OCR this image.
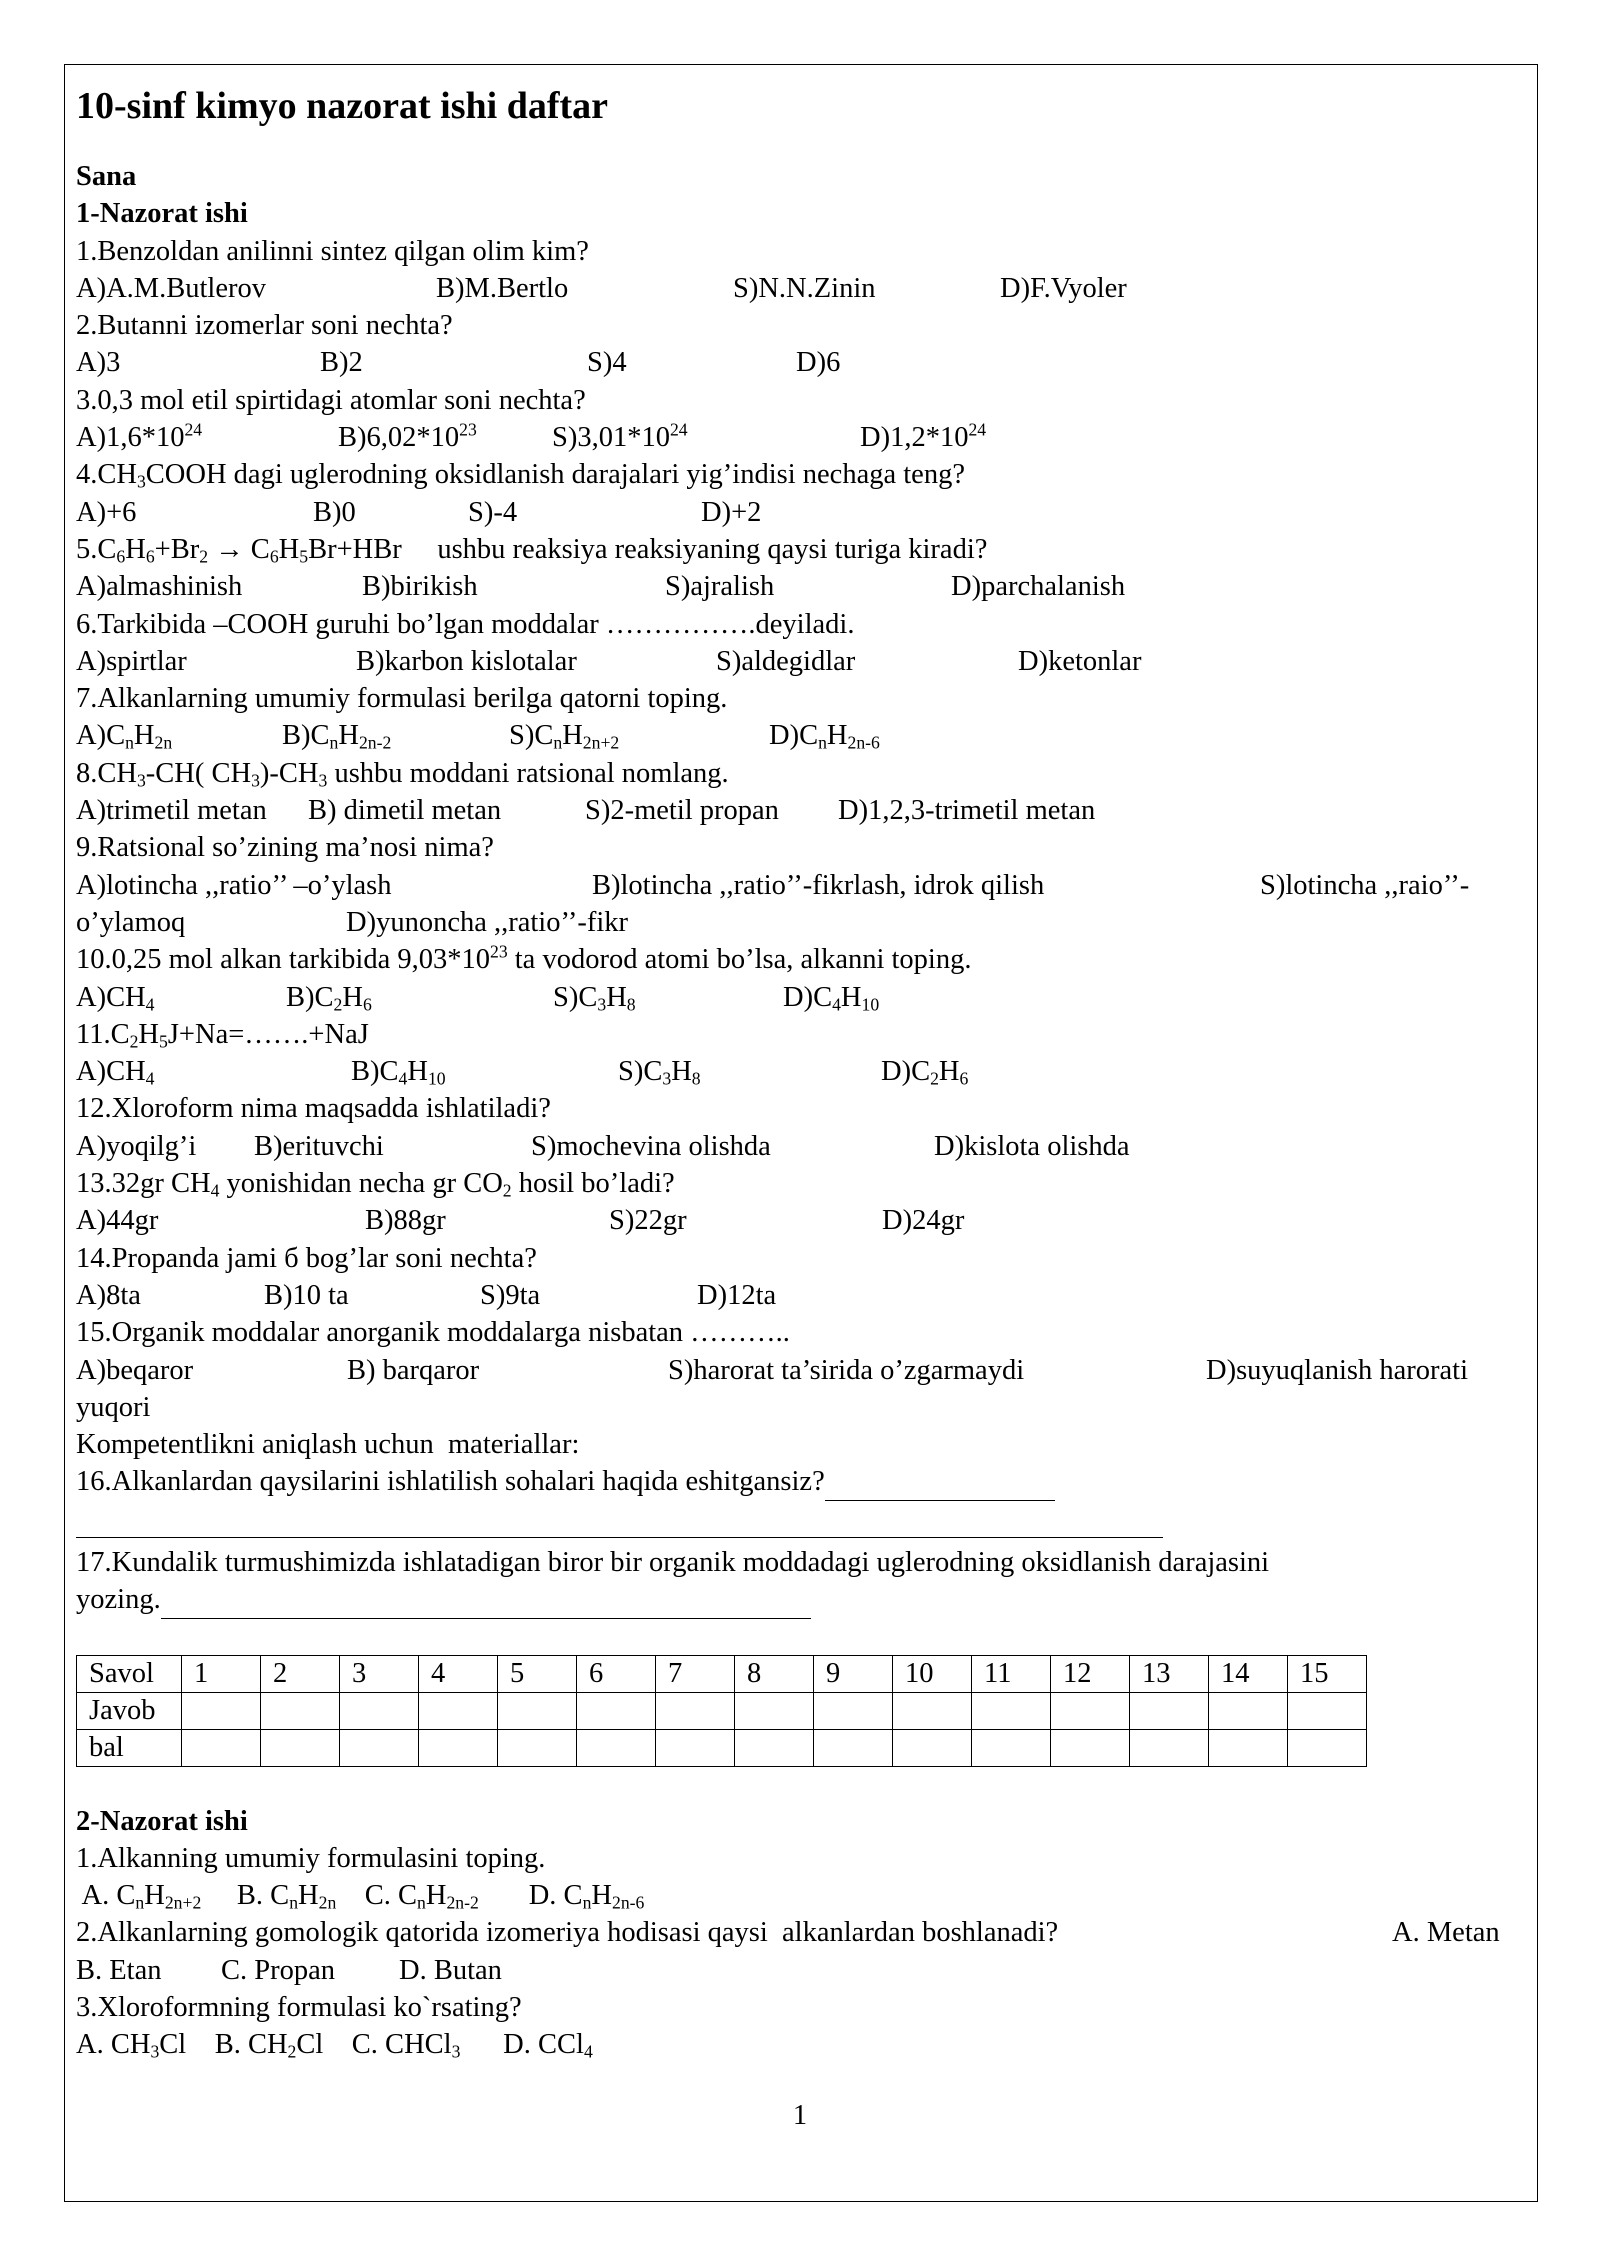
10-sinf kimyo nazorat ishi daftar
Sana
1-Nazorat ishi
1.Benzoldan anilinni sintez qilgan olim kim?

A)A.M.Butlerov

	B)M.Bertlo

	S)N.N.Zinin

	D)F.Vyoler

2.Butanni izomerlar soni nechta?

A)3

	B)2

	S)4

	D)6

3.0,3 mol etil spirtidagi atomlar soni nechta?

$A)1,6*10^{24}$

	$B)6,02*10^{23}$

	$S)3,01*10^{24}$

	$D)1,2*10^{24}$

$4.CH_3COOH$ dagi uglerodning oksidlanish darajalari yig’indisi nechaga teng?

A)+6

	B)0

	S)-4

	D)+2

$5.C_6H_6+Br_2 \to C_6H_5Br+HBr$     ushbu reaksiya reaksiyaning qaysi turiga kiradi?

A)almashinish

	B)birikish

	S)ajralish

	D)parchalanish

6.Tarkibida –COOH guruhi bo’lgan moddalar …………….deyiladi.

A)spirtlar

	B)karbon kislotalar

	S)aldegidlar

	D)ketonlar

7.Alkanlarning umumiy formulasi berilga qatorni toping.

$A)C_nH_{2n}$

	$B)C_nH_{2n-2}$

	$S)C_nH_{2n+2}$

	$D)C_nH_{2n-6}$

$8.CH_3-CH$( $CH_3)-CH_3$ ushbu moddani ratsional nomlang.

A)trimetil metan

B) dimetil metan

	S)2-metil propan

D)1,2,3-trimetil metan

9.Ratsional so’zining ma’nosi nima?

A)lotincha ,,ratio’’ –o’ylash

	B)lotincha ,,ratio’’-fikrlash, idrok qilish

	S)lotincha ,,raio’’-

o’ylamoq

	D)yunoncha ,,ratio’’-fikr

10.0,25 mol alkan tarkibida $9,03*10^{23}$ ta vodorod atomi bo’lsa, alkanni toping.

$A)CH_4$

	$B)C_2H_6$

	$S)C_3H_8$

	$D)C_4H_{10}$

$11.C_2H_5J+Na=\dots\dots.+NaJ$

$A)CH_4$

	$B)C_4H_{10}$

	$S)C_3H_8$

	$D)C_2H_6$

12.Xloroform nima maqsadda ishlatiladi?

A)yoqilg’i

B)erituvchi

	S)mochevina olishda

	D)kislota olishda

13.32gr $CH_4$ yonishidan necha gr $CO_2$ hosil bo’ladi?

A)44gr

	B)88gr

	S)22gr

	D)24gr

14.Propanda jami б bog’lar soni nechta?

A)8ta

	B)10 ta

	S)9ta

	D)12ta

15.Organik moddalar anorganik moddalarga nisbatan ………..

A)beqaror

	B) barqaror

	S)harorat ta’sirida o’zgarmaydi

	D)suyuqlanish harorati

yuqori
Kompetentlikni aniqlash uchun  materiallar:
16.Alkanlardan qaysilarini ishlatilish sohalari haqida eshitgansiz?
17.Kundalik turmushimizda ishlatadigan biror bir organik moddadagi uglerodning oksidlanish darajasini
yozing.
Savol	1	2	3	4	5	6	7	8	9	10	11	12	13	14	15
Javob															
bal															
2-Nazorat ishi
1.Alkanning umumiy formulasini toping.
A. $C_nH_{2n+2}$     B. $C_nH_{2n}$    C. $C_nH_{2n-2}$       D. $C_nH_{2n-6}$

2.Alkanlarning gomologik qatorida izomeriya hodisasi qaysi  alkanlardan boshlanadi?

	A. Metan

B. Etan

C. Propan

D. Butan

3.Xloroformning formulasi ko`rsating?
A. $CH_3Cl$    B. $CH_2Cl$    C. CHCl$_3$      D. CCl$_4$
1
